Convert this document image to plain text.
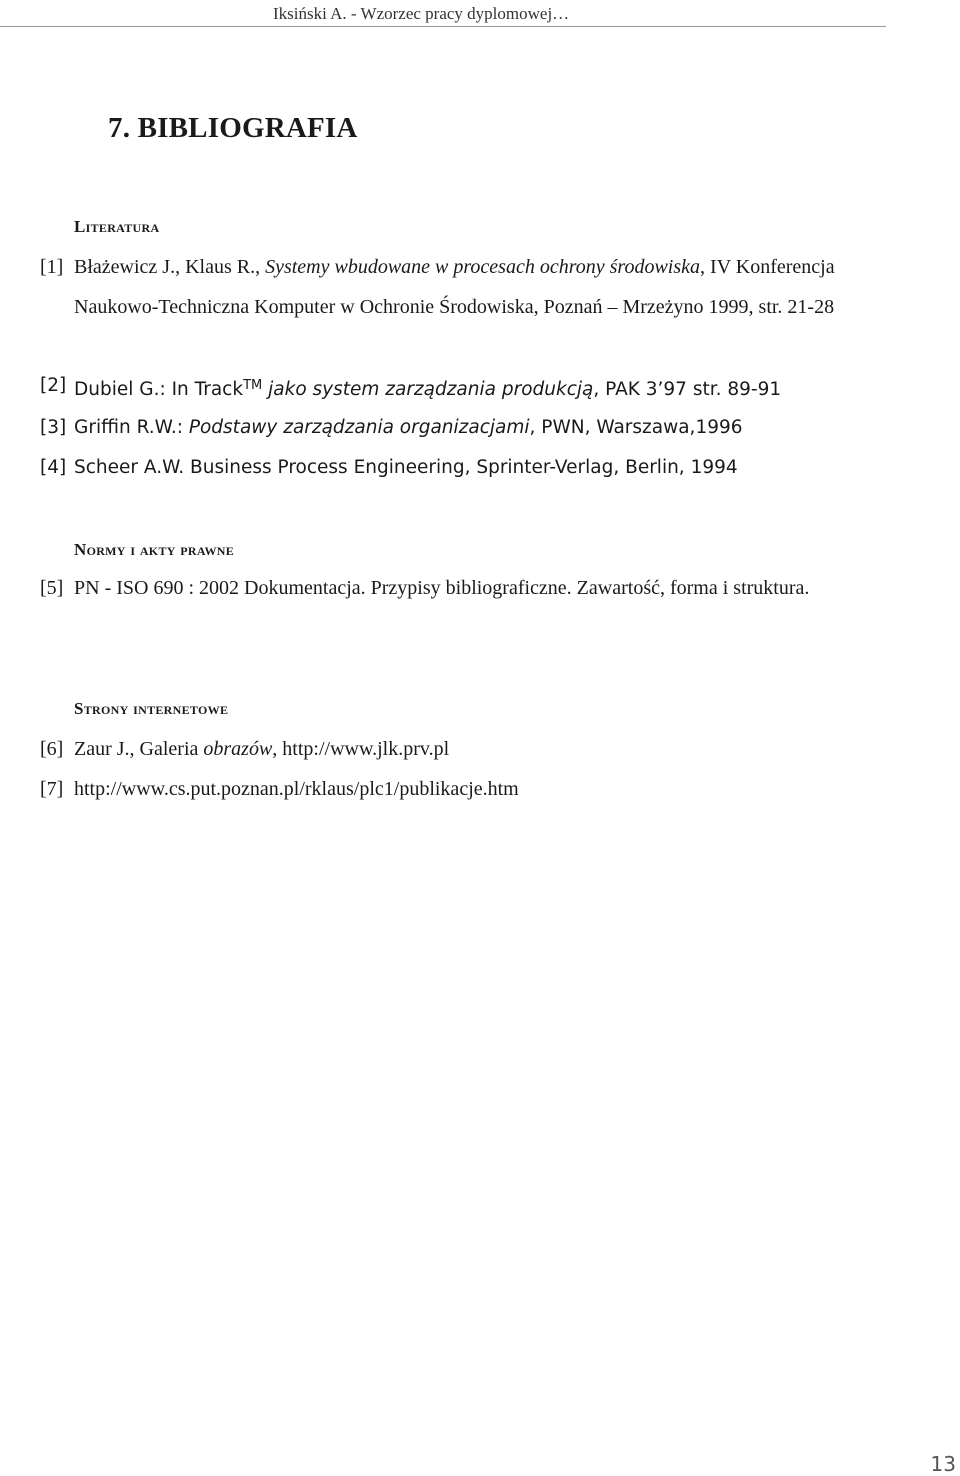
Iksiński A. - Wzorzec pracy dyplomowej…
7. BIBLIOGRAFIA
Literatura
[1] Błażewicz J., Klaus R., Systemy wbudowane w procesach ochrony środowiska, IV Konferencja Naukowo-Techniczna Komputer w Ochronie Środowiska, Poznań – Mrzeżyno 1999, str. 21-28
[2] Dubiel G.: In Track™ jako system zarządzania produkcją, PAK 3’97 str. 89-91
[3] Griffin R.W.: Podstawy zarządzania organizacjami, PWN, Warszawa,1996
[4] Scheer A.W. Business Process Engineering, Sprinter-Verlag, Berlin, 1994
Normy i akty prawne
[5] PN - ISO 690 : 2002 Dokumentacja. Przypisy bibliograficzne. Zawartość, forma i struktura.
Strony internetowe
[6] Zaur J., Galeria obrazów, http://www.jlk.prv.pl
[7] http://www.cs.put.poznan.pl/rklaus/plc1/publikacje.htm
13
